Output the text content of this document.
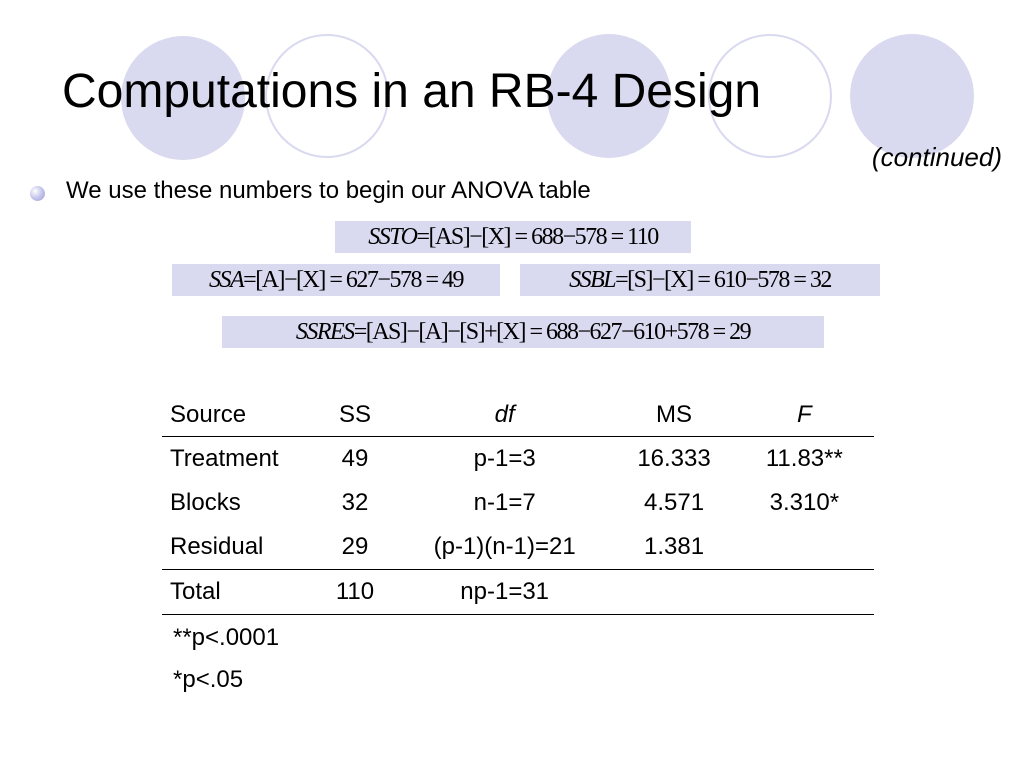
Computations in an RB-4 Design
(continued)
We use these numbers to begin our ANOVA table
SSTO=[AS]−[X] = 688−578 = 110
SSA=[A]−[X] = 627−578 = 49	SSBL=[S]−[X] = 610−578 = 32
SSRES=[AS]−[A]−[S]+[X] = 688−627−610+578 = 29
Source	SS	df	MS	F
Treatment	49	p-1=3	16.333	11.83**
Blocks	32	n-1=7	4.571	3.310*
Residual	29	(p-1)(n-1)=21	1.381	
Total	110	np-1=31		
**p<.0001
*p<.05
